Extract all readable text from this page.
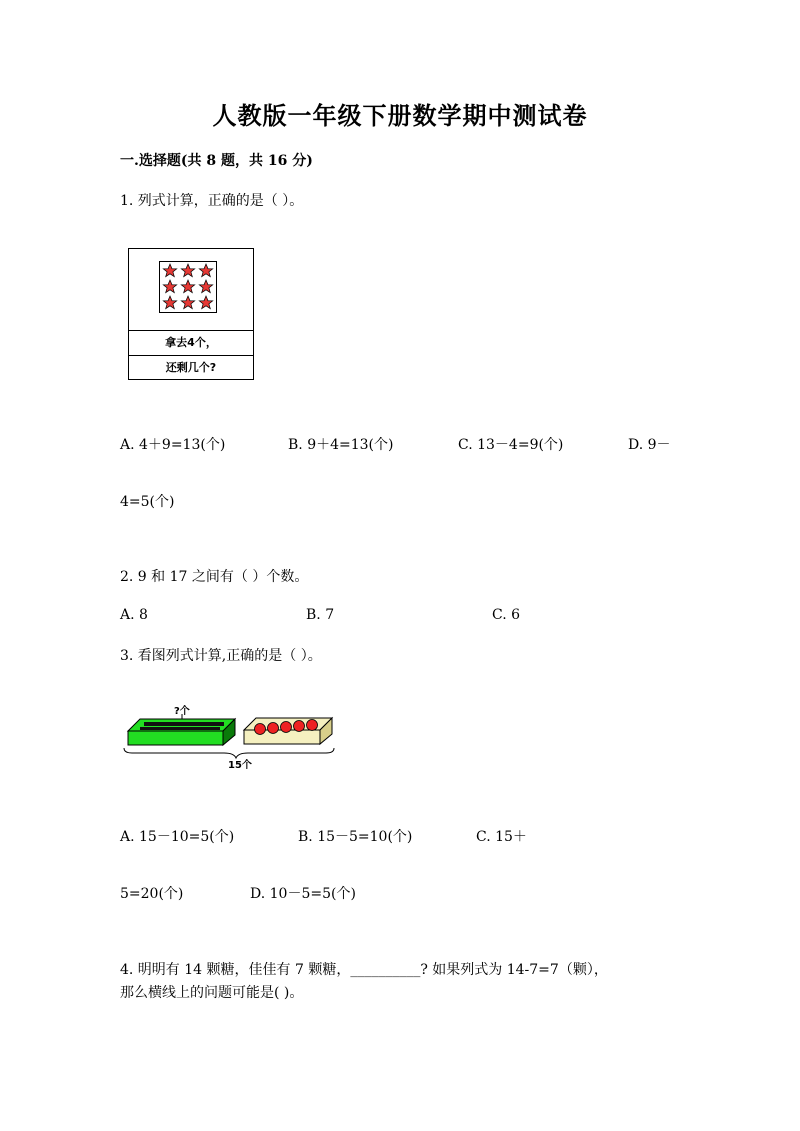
人教版一年级下册数学期中测试卷
一.选择题(共 8 题，共 16 分)
1. 列式计算，正确的是（ ）。
拿去4个，
还剩几个?
A. 4＋9=13(个)	B. 9＋4=13(个)	C. 13－4=9(个)	D. 9－
4=5(个)
2. 9 和 17 之间有（ ）个数。
A. 8	B. 7	C. 6
3. 看图列式计算,正确的是（ ）。
?个
15个
A. 15－10=5(个)	B. 15－5=10(个)	C. 15＋
5=20(个)	D. 10－5=5(个)
4. 明明有 14 颗糖，佳佳有 7 颗糖，__________? 如果列式为 14-7=7（颗），
那么横线上的问题可能是( )。
